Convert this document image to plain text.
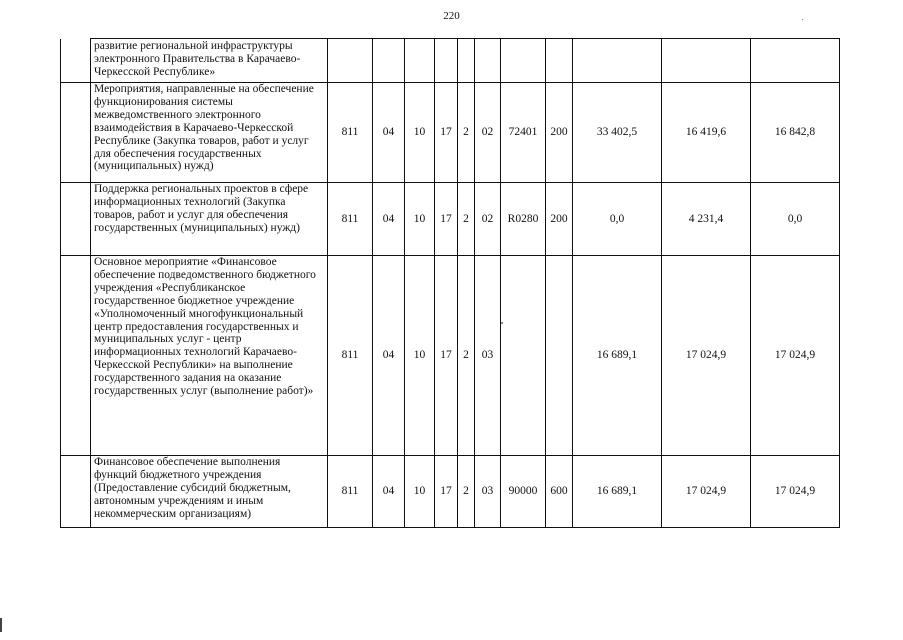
220
	развитие региональной инфраструктуры электронного Правительства в Карачаево-Черкесской Республике»											
	Мероприятия, направленные на обеспечение функционирования системы межведомственного электронного взаимодействия в Карачаево-Черкесской Республике (Закупка товаров, работ и услуг для обеспечения государственных (муниципальных) нужд)	811	04	10	17	2	02	72401	200	33 402,5	16 419,6	16 842,8
	Поддержка региональных проектов в сфере информационных технологий (Закупка товаров, работ и услуг для обеспечения государственных (муниципальных) нужд)	811	04	10	17	2	02	R0280	200	0,0	4 231,4	0,0
	Основное мероприятие «Финансовое обеспечение подведомственного бюджетного учреждения «Республиканское государственное бюджетное учреждение «Уполномоченный многофункциональный центр предоставления государственных и муниципальных услуг - центр информационных технологий Карачаево-Черкесской Республики» на выполнение государственного задания на оказание государственных услуг (выполнение работ)»	811	04	10	17	2	03			16 689,1	17 024,9	17 024,9
	Финансовое обеспечение выполнения функций бюджетного учреждения (Предоставление субсидий бюджетным, автономным учреждениям и иным некоммерческим организациям)	811	04	10	17	2	03	90000	600	16 689,1	17 024,9	17 024,9
